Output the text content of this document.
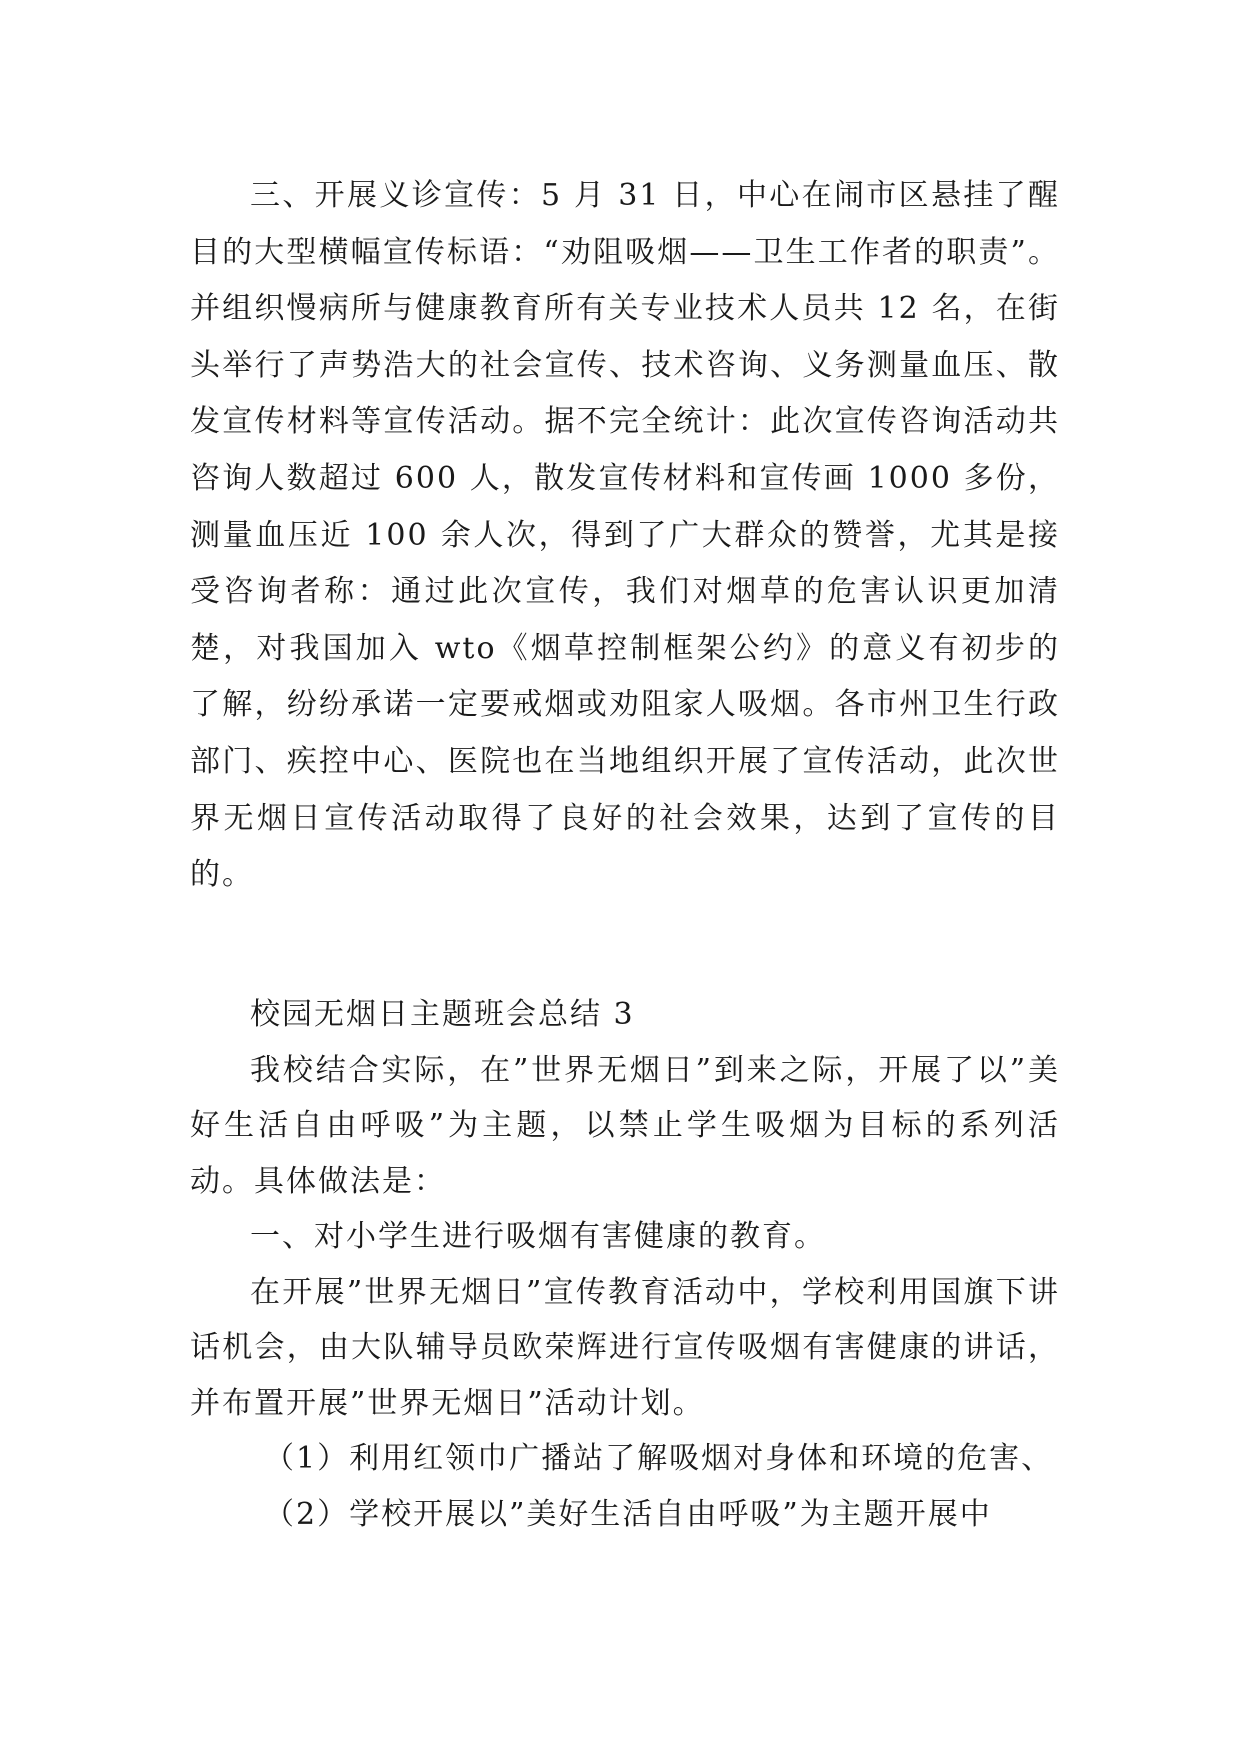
三、开展义诊宣传：5 月 31 日，中心在闹市区悬挂了醒目的大型横幅宣传标语：“劝阻吸烟——卫生工作者的职责”。并组织慢病所与健康教育所有关专业技术人员共 12 名，在街头举行了声势浩大的社会宣传、技术咨询、义务测量血压、散发宣传材料等宣传活动。据不完全统计：此次宣传咨询活动共咨询人数超过 600 人，散发宣传材料和宣传画 1000 多份，测量血压近 100 余人次，得到了广大群众的赞誉，尤其是接受咨询者称：通过此次宣传，我们对烟草的危害认识更加清楚，对我国加入 wto《烟草控制框架公约》的意义有初步的了解，纷纷承诺一定要戒烟或劝阻家人吸烟。各市州卫生行政部门、疾控中心、医院也在当地组织开展了宣传活动，此次世界无烟日宣传活动取得了良好的社会效果，达到了宣传的目的。

校园无烟日主题班会总结 3

我校结合实际，在”世界无烟日”到来之际，开展了以”美好生活自由呼吸”为主题，以禁止学生吸烟为目标的系列活动。具体做法是：

一、对小学生进行吸烟有害健康的教育。

在开展”世界无烟日”宣传教育活动中，学校利用国旗下讲话机会，由大队辅导员欧荣辉进行宣传吸烟有害健康的讲话，并布置开展”世界无烟日”活动计划。

（1）利用红领巾广播站了解吸烟对身体和环境的危害、

（2）学校开展以”美好生活自由呼吸”为主题开展中
